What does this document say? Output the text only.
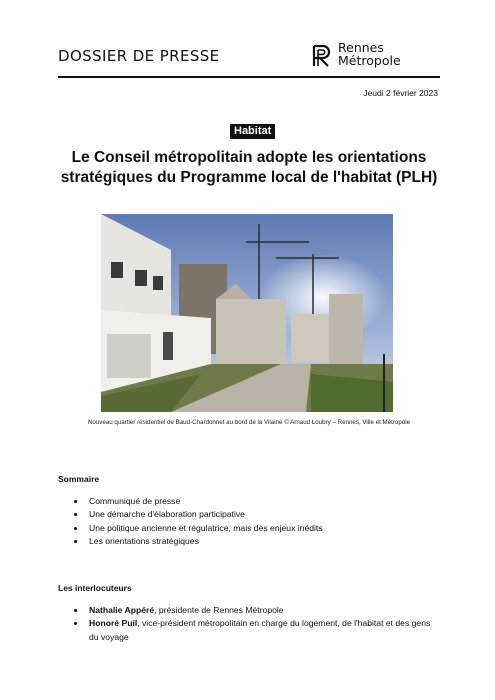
DOSSIER DE PRESSE	Rennes
Métropole
Jeudi 2 février 2023
Habitat
Le Conseil métropolitain adopte les orientations
stratégiques du Programme local de l'habitat (PLH)
Nouveau quartier résidentiel de Baud-Chardonnet au bord de la Vilaine © Arnaud Loubry – Rennes, Ville et Métropole
Sommaire
Communiqué de presse
Une démarche d'élaboration participative
Une politique ancienne et régulatrice, mais des enjeux inédits
Les orientations stratégiques
Les interlocuteurs
Nathalie Appéré, présidente de Rennes Métropole
Honoré Puil, vice-président métropolitain en charge du logement, de l'habitat et des gens du voyage
